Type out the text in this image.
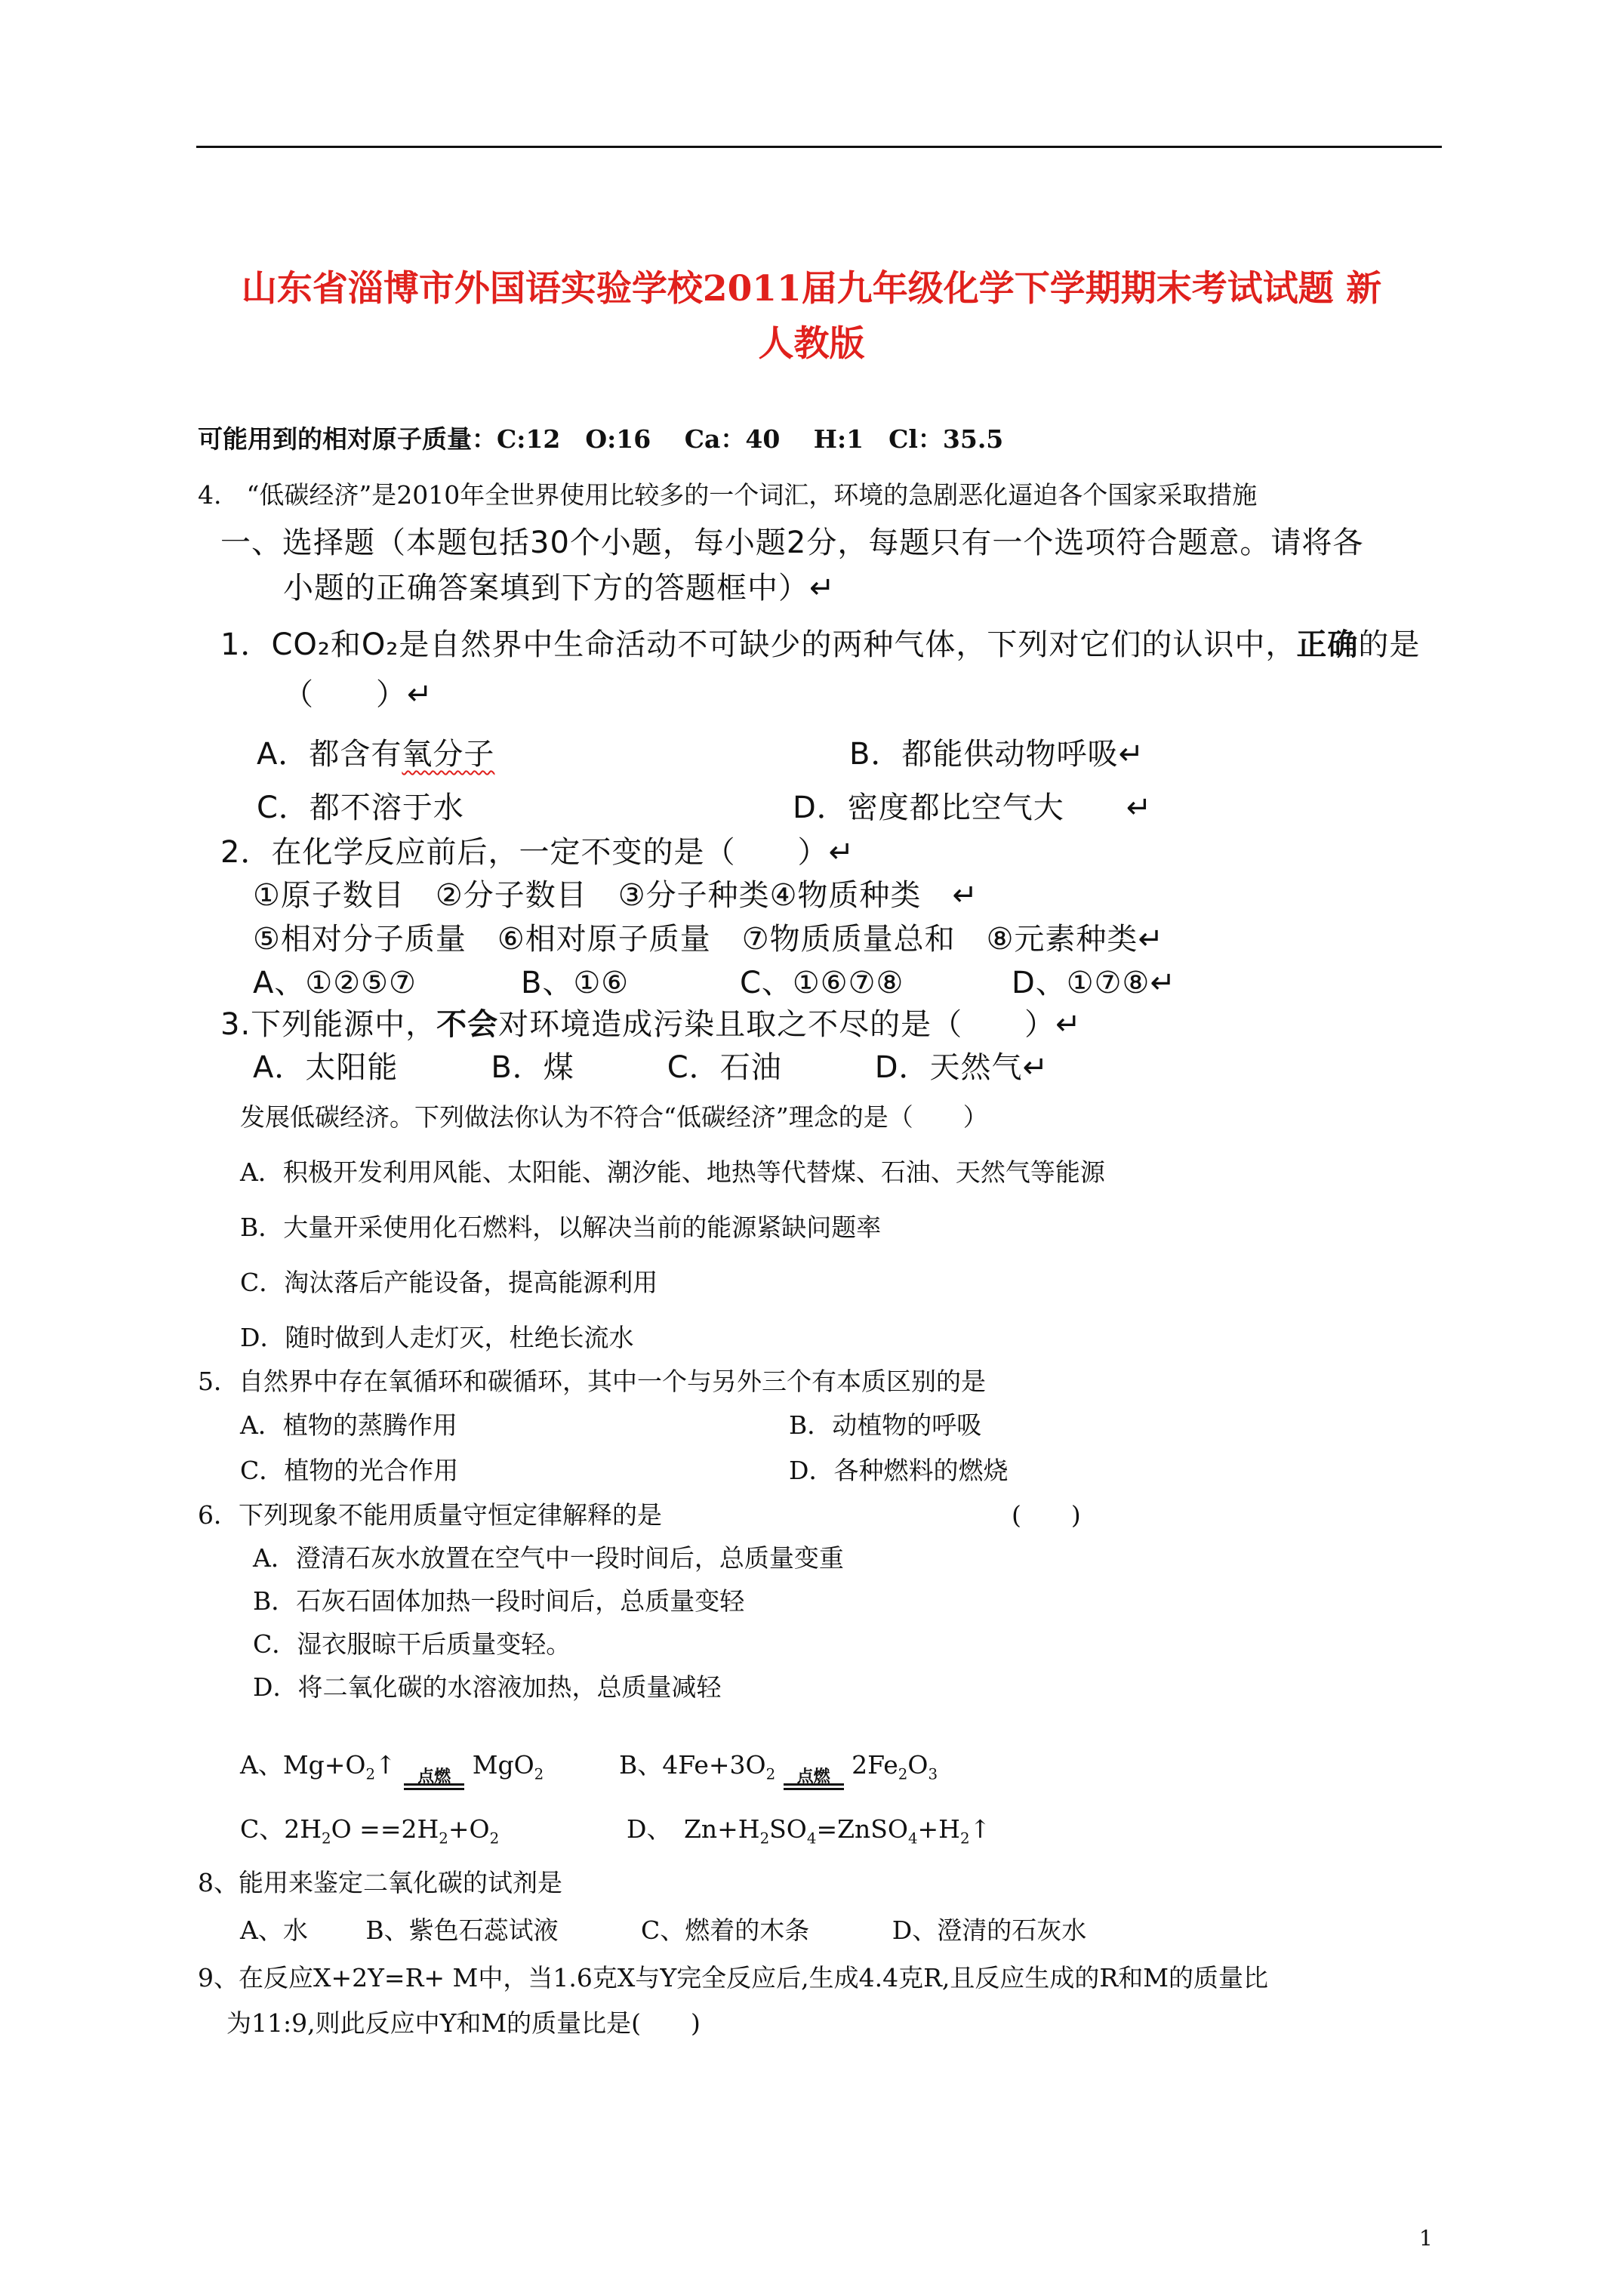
山东省淄博市外国语实验学校2011届九年级化学下学期期末考试试题 新
人教版
可能用到的相对原子质量：C:12　O:16　 Ca：40 　H:1　Cl：35.5
4.　“低碳经济”是2010年全世界使用比较多的一个词汇，环境的急剧恶化逼迫各个国家采取措施
一、选择题（本题包括30个小题，每小题2分，每题只有一个选项符合题意。请将各
小题的正确答案填到下方的答题框中）↵
1．CO₂和O₂是自然界中生命活动不可缺少的两种气体，下列对它们的认识中，正确的是
（　　）↵
A．都含有氧分子	B．都能供动物呼吸↵
C．都不溶于水	D．密度都比空气大　　↵
2．在化学反应前后，一定不变的是（　　）↵
①原子数目　②分子数目　③分子种类④物质种类　↵
⑤相对分子质量　⑥相对原子质量　⑦物质质量总和　⑧元素种类↵
A、①②⑤⑦	B、①⑥	C、①⑥⑦⑧	D、①⑦⑧↵
3.下列能源中，不会对环境造成污染且取之不尽的是（　　）↵
A．太阳能　　　B．煤　　　C．石油　　　D．天然气↵
发展低碳经济。下列做法你认为不符合“低碳经济”理念的是（　　）
A．积极开发利用风能、太阳能、潮汐能、地热等代替煤、石油、天然气等能源
B．大量开采使用化石燃料，以解决当前的能源紧缺问题率
C．淘汰落后产能设备，提高能源利用
D．随时做到人走灯灭，杜绝长流水
5．自然界中存在氧循环和碳循环，其中一个与另外三个有本质区别的是
A．植物的蒸腾作用	B．动植物的呼吸
C．植物的光合作用	D．各种燃料的燃烧
6．下列现象不能用质量守恒定律解释的是	(　　)
A．澄清石灰水放置在空气中一段时间后，总质量变重
B．石灰石固体加热一段时间后，总质量变轻
C．湿衣服晾干后质量变轻。
D．将二氧化碳的水溶液加热，总质量减轻
A、$Mg+O_2↑$ 点燃 MgO$_2$	B、$4Fe+3O_2$	点燃 $2Fe_2O_3$
C、$2H_2O ==2H_2+O_2$	D、　$Zn+H_2SO_4=ZnSO_4+H_2↑$
8、能用来鉴定二氧化碳的试剂是
A、水　　 B、紫色石蕊试液　　　 C、燃着的木条　　　 D、澄清的石灰水
9、在反应X+2Y=R+ M中，当1.6克X与Y完全反应后,生成4.4克R,且反应生成的R和M的质量比
为11:9,则此反应中Y和M的质量比是(　　)
1
